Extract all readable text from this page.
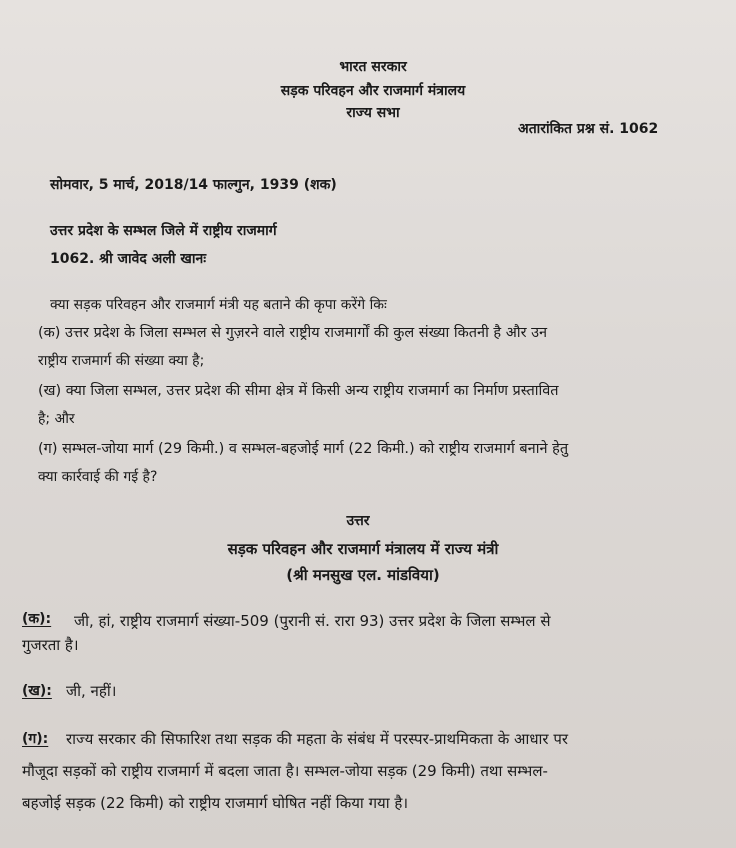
भारत सरकार
सड़क परिवहन और राजमार्ग मंत्रालय
राज्य सभा
अतारांकित प्रश्न सं. 1062
सोमवार, 5 मार्च, 2018/14 फाल्गुन, 1939 (शक)
उत्तर प्रदेश के सम्भल जिले में राष्ट्रीय राजमार्ग
1062. श्री जावेद अली खानः
क्या सड़क परिवहन और राजमार्ग मंत्री यह बताने की कृपा करेंगे किः
(क) उत्तर प्रदेश के जिला सम्भल से गुज़रने वाले राष्ट्रीय राजमार्गों की कुल संख्या कितनी है और उन
राष्ट्रीय राजमार्ग की संख्या क्या है;
(ख) क्या जिला सम्भल, उत्तर प्रदेश की सीमा क्षेत्र में किसी अन्य राष्ट्रीय राजमार्ग का निर्माण प्रस्तावित
है; और
(ग) सम्भल-जोया मार्ग (29 किमी.) व सम्भल-बहजोई मार्ग (22 किमी.) को राष्ट्रीय राजमार्ग बनाने हेतु
क्या कार्रवाई की गई है?
उत्तर
सड़क परिवहन और राजमार्ग मंत्रालय में राज्य मंत्री
(श्री मनसुख एल. मांडविया)
(क): जी, हां, राष्ट्रीय राजमार्ग संख्या-509 (पुरानी सं. रारा 93) उत्तर प्रदेश के जिला सम्भल से
गुजरता है।
(ख): जी, नहीं।
(ग): राज्य सरकार की सिफारिश तथा सड़क की महता के संबंध में परस्पर-प्राथमिकता के आधार पर
मौजूदा सड़कों को राष्ट्रीय राजमार्ग में बदला जाता है। सम्भल-जोया सड़क (29 किमी) तथा सम्भल-
बहजोई सड़क (22 किमी) को राष्ट्रीय राजमार्ग घोषित नहीं किया गया है।
